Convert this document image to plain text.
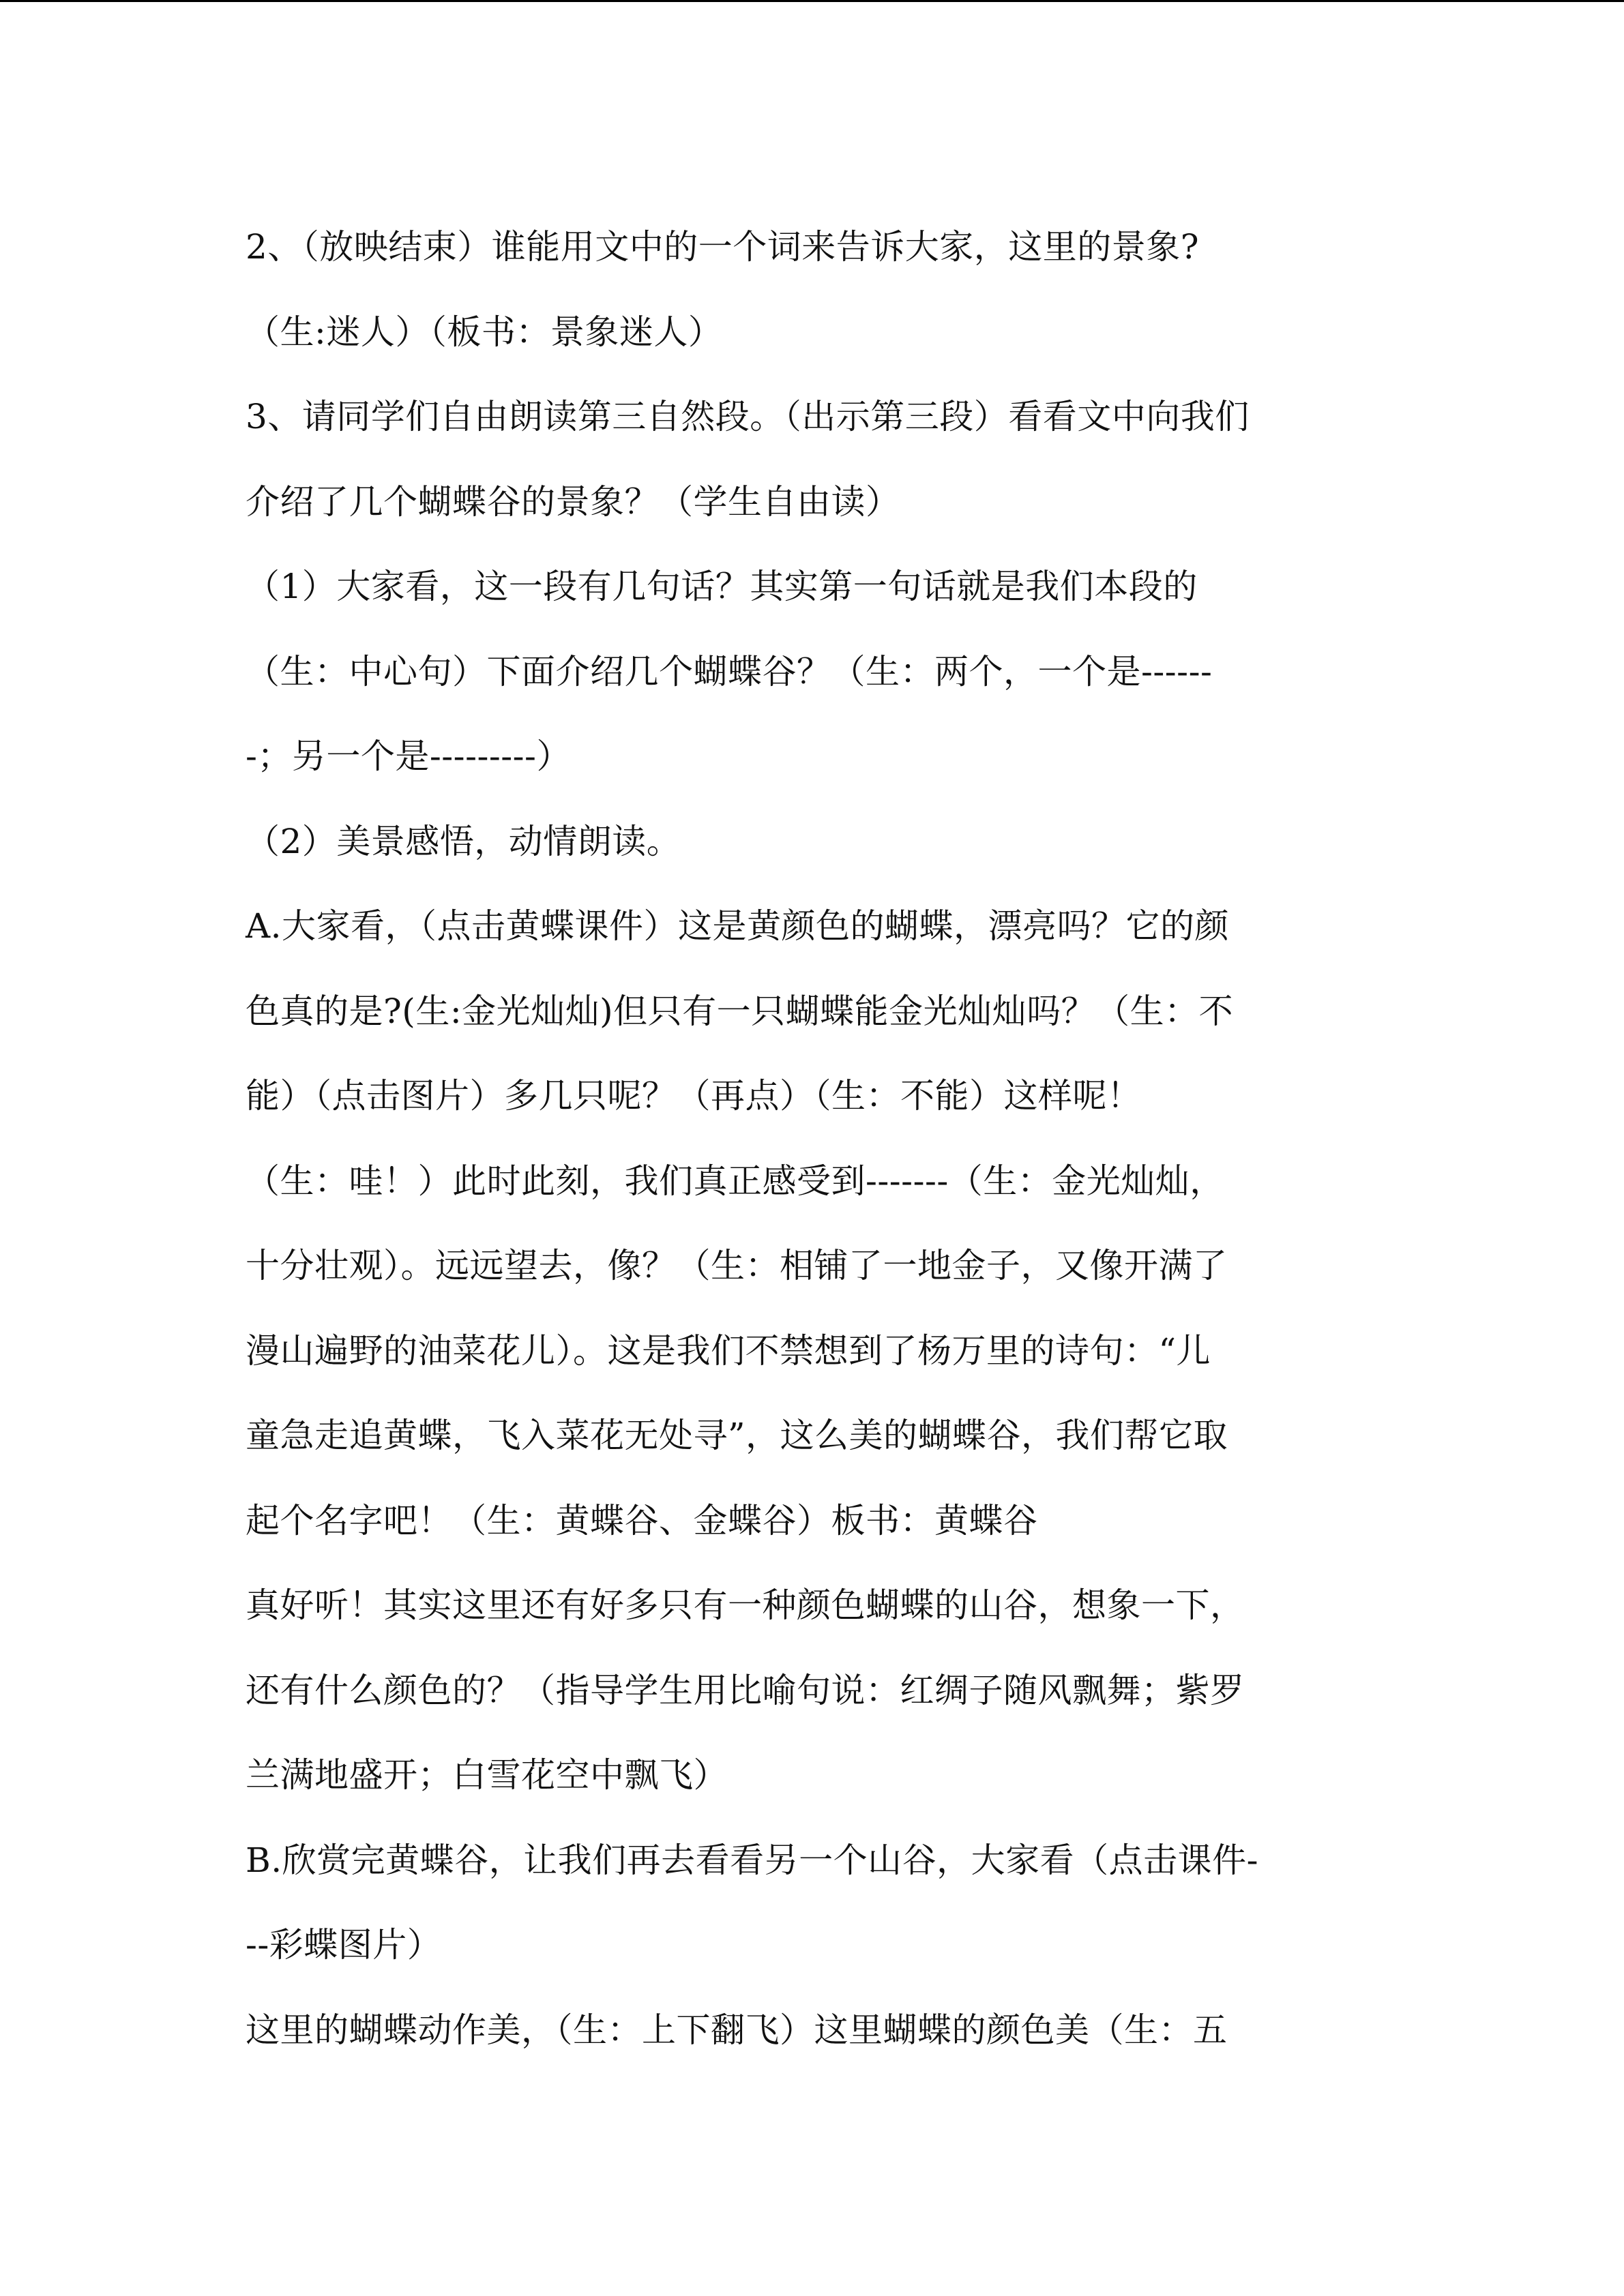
2、（放映结束）谁能用文中的一个词来告诉大家，这里的景象?
（生:迷人）（板书：景象迷人）
3、请同学们自由朗读第三自然段。（出示第三段）看看文中向我们
介绍了几个蝴蝶谷的景象？（学生自由读）
（1）大家看，这一段有几句话？其实第一句话就是我们本段的
（生：中心句）下面介绍几个蝴蝶谷？（生：两个，一个是------
-；另一个是---------）
（2）美景感悟，动情朗读。
A.大家看，（点击黄蝶课件）这是黄颜色的蝴蝶，漂亮吗？它的颜
色真的是?(生:金光灿灿)但只有一只蝴蝶能金光灿灿吗？（生：不
能）（点击图片）多几只呢？（再点）（生：不能）这样呢！
（生：哇！）此时此刻，我们真正感受到-------（生：金光灿灿，
十分壮观）。远远望去，像？（生：相铺了一地金子，又像开满了
漫山遍野的油菜花儿）。这是我们不禁想到了杨万里的诗句：“儿
童急走追黄蝶，飞入菜花无处寻”，这么美的蝴蝶谷，我们帮它取
起个名字吧！（生：黄蝶谷、金蝶谷）板书：黄蝶谷
真好听！其实这里还有好多只有一种颜色蝴蝶的山谷，想象一下，
还有什么颜色的？（指导学生用比喻句说：红绸子随风飘舞；紫罗
兰满地盛开；白雪花空中飘飞）
B.欣赏完黄蝶谷，让我们再去看看另一个山谷，大家看（点击课件-
--彩蝶图片）
这里的蝴蝶动作美，（生：上下翻飞）这里蝴蝶的颜色美（生：五
